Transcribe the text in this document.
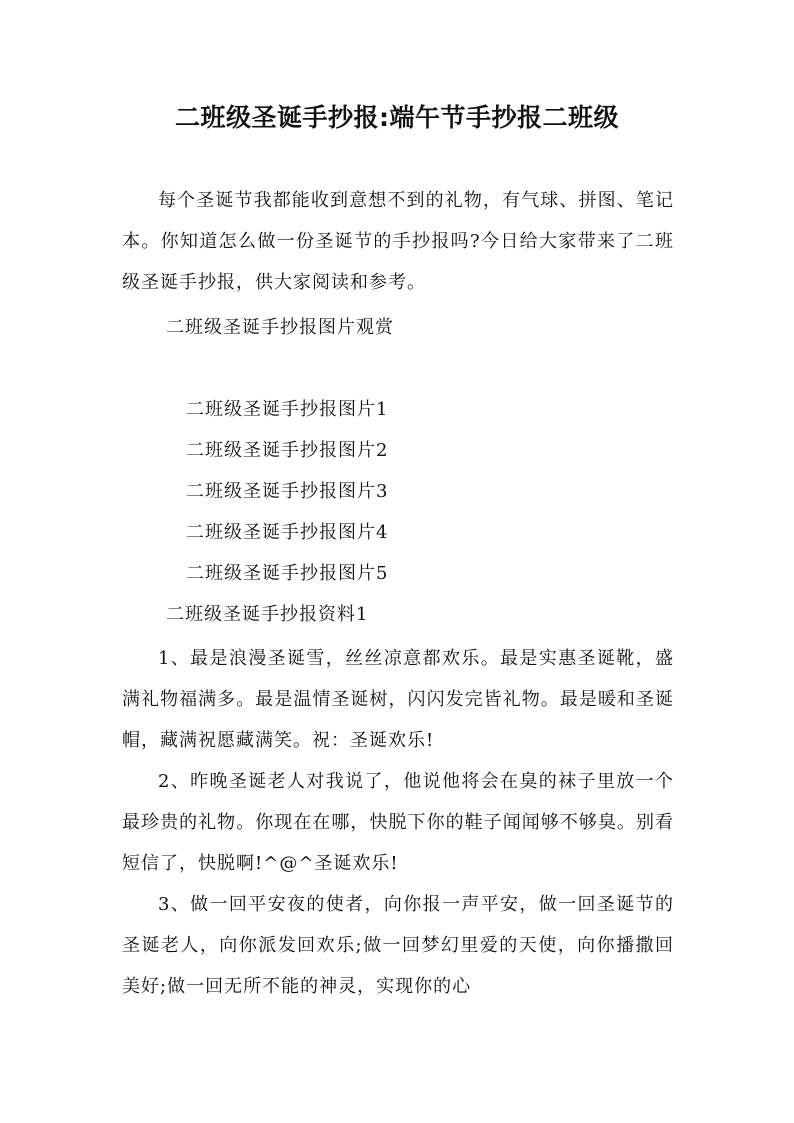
二班级圣诞手抄报:端午节手抄报二班级

每个圣诞节我都能收到意想不到的礼物，有气球、拼图、笔记本。你知道怎么做一份圣诞节的手抄报吗?今日给大家带来了二班级圣诞手抄报，供大家阅读和参考。

二班级圣诞手抄报图片观赏
二班级圣诞手抄报图片1
二班级圣诞手抄报图片2
二班级圣诞手抄报图片3
二班级圣诞手抄报图片4
二班级圣诞手抄报图片5
二班级圣诞手抄报资料1

1、最是浪漫圣诞雪，丝丝凉意都欢乐。最是实惠圣诞靴，盛满礼物福满多。最是温情圣诞树，闪闪发完皆礼物。最是暖和圣诞帽，藏满祝愿藏满笑。祝：圣诞欢乐!

2、昨晚圣诞老人对我说了，他说他将会在臭的袜子里放一个最珍贵的礼物。你现在在哪，快脱下你的鞋子闻闻够不够臭。别看短信了，快脱啊!^@^圣诞欢乐!

3、做一回平安夜的使者，向你报一声平安，做一回圣诞节的圣诞老人，向你派发回欢乐;做一回梦幻里爱的天使，向你播撒回美好;做一回无所不能的神灵，实现你的心
